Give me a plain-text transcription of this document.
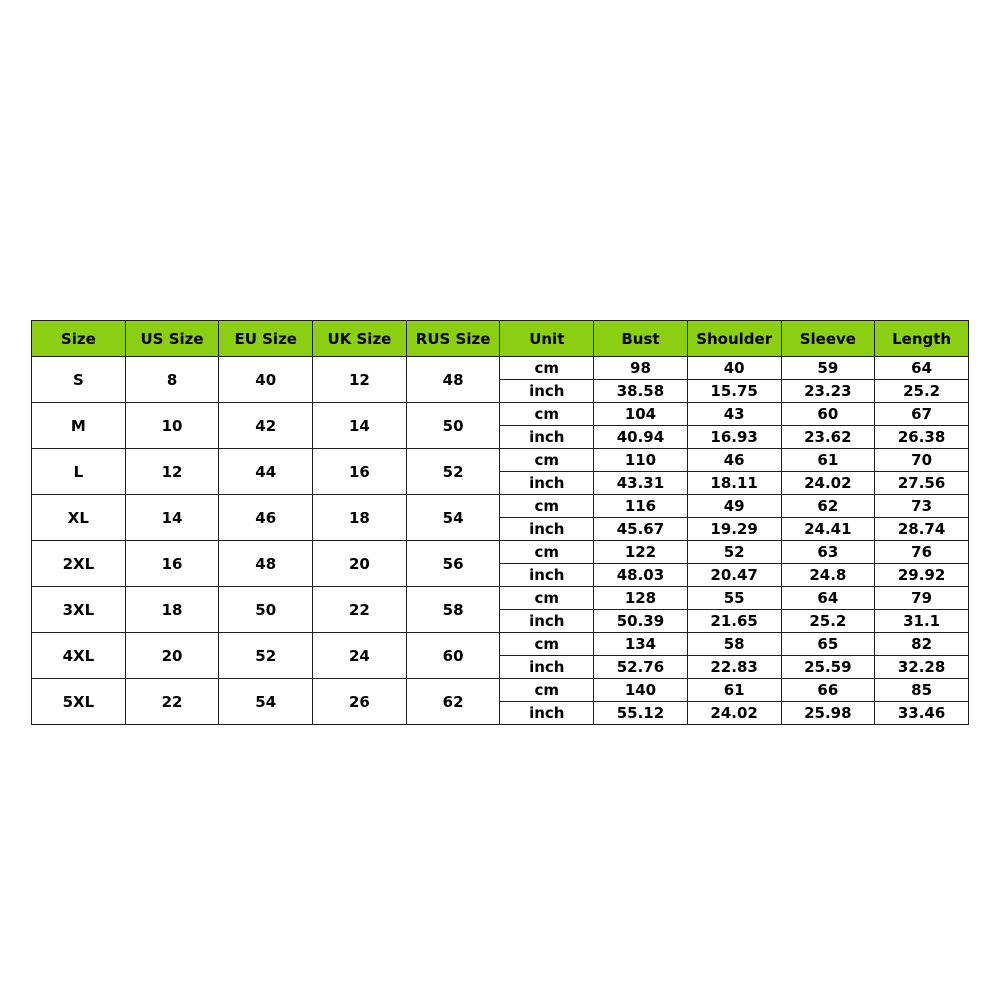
Size	US Size	EU Size	UK Size	RUS Size	Unit	Bust	Shoulder	Sleeve	Length
S	8	40	12	48	cm	98	40	59	64
					inch	38.58	15.75	23.23	25.2
M	10	42	14	50	cm	104	43	60	67
					inch	40.94	16.93	23.62	26.38
L	12	44	16	52	cm	110	46	61	70
					inch	43.31	18.11	24.02	27.56
XL	14	46	18	54	cm	116	49	62	73
					inch	45.67	19.29	24.41	28.74
2XL	16	48	20	56	cm	122	52	63	76
					inch	48.03	20.47	24.8	29.92
3XL	18	50	22	58	cm	128	55	64	79
					inch	50.39	21.65	25.2	31.1
4XL	20	52	24	60	cm	134	58	65	82
					inch	52.76	22.83	25.59	32.28
5XL	22	54	26	62	cm	140	61	66	85
					inch	55.12	24.02	25.98	33.46
